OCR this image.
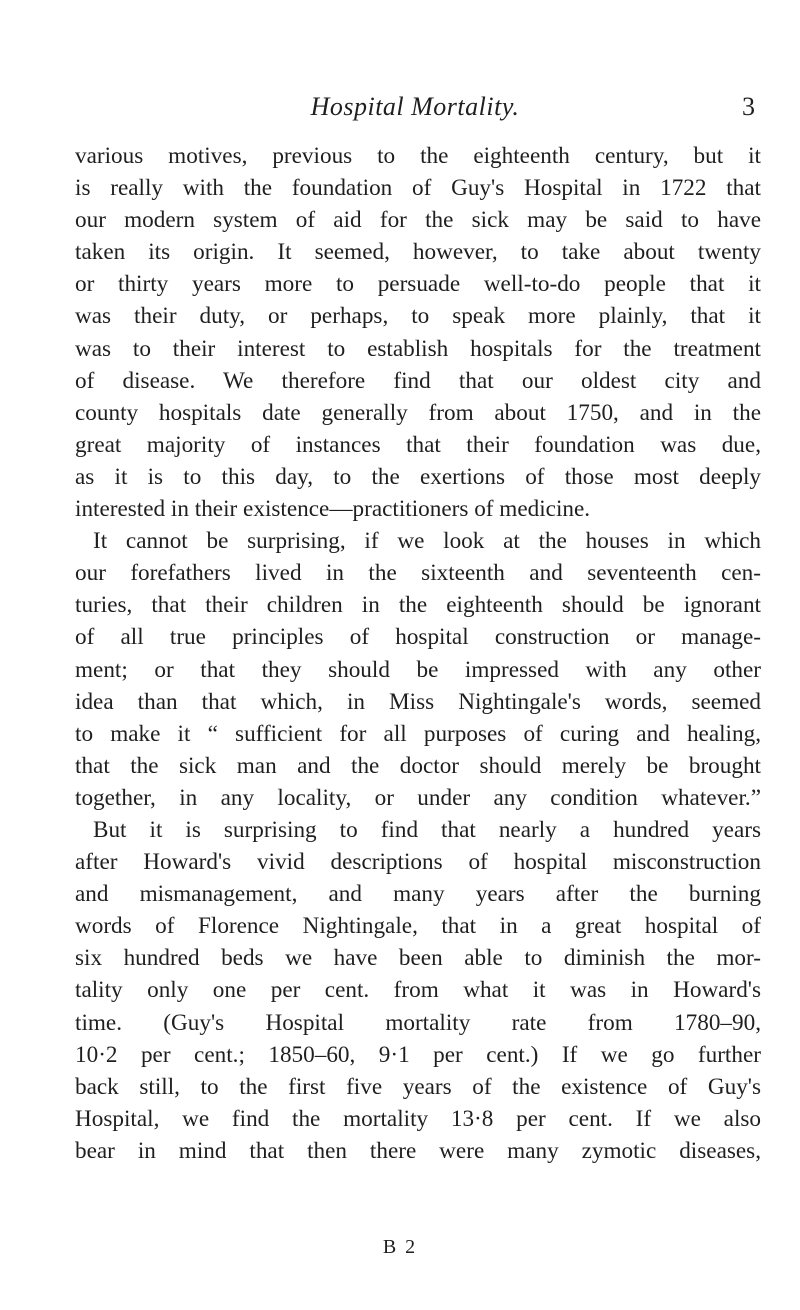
Hospital Mortality.	3
various motives, previous to the eighteenth century, but it
is really with the foundation of Guy's Hospital in 1722 that
our modern system of aid for the sick may be said to have
taken its origin. It seemed, however, to take about twenty
or thirty years more to persuade well-to-do people that it
was their duty, or perhaps, to speak more plainly, that it
was to their interest to establish hospitals for the treatment
of disease. We therefore find that our oldest city and
county hospitals date generally from about 1750, and in the
great majority of instances that their foundation was due,
as it is to this day, to the exertions of those most deeply
interested in their existence—practitioners of medicine.
It cannot be surprising, if we look at the houses in which
our forefathers lived in the sixteenth and seventeenth cen-
turies, that their children in the eighteenth should be ignorant
of all true principles of hospital construction or manage-
ment; or that they should be impressed with any other
idea than that which, in Miss Nightingale's words, seemed
to make it “ sufficient for all purposes of curing and healing,
that the sick man and the doctor should merely be brought
together, in any locality, or under any condition whatever.”
But it is surprising to find that nearly a hundred years
after Howard's vivid descriptions of hospital misconstruction
and mismanagement, and many years after the burning
words of Florence Nightingale, that in a great hospital of
six hundred beds we have been able to diminish the mor-
tality only one per cent. from what it was in Howard's
time. (Guy's Hospital mortality rate from 1780–90,
10·2 per cent.; 1850–60, 9·1 per cent.) If we go further
back still, to the first five years of the existence of Guy's
Hospital, we find the mortality 13·8 per cent. If we also
bear in mind that then there were many zymotic diseases,
B 2
